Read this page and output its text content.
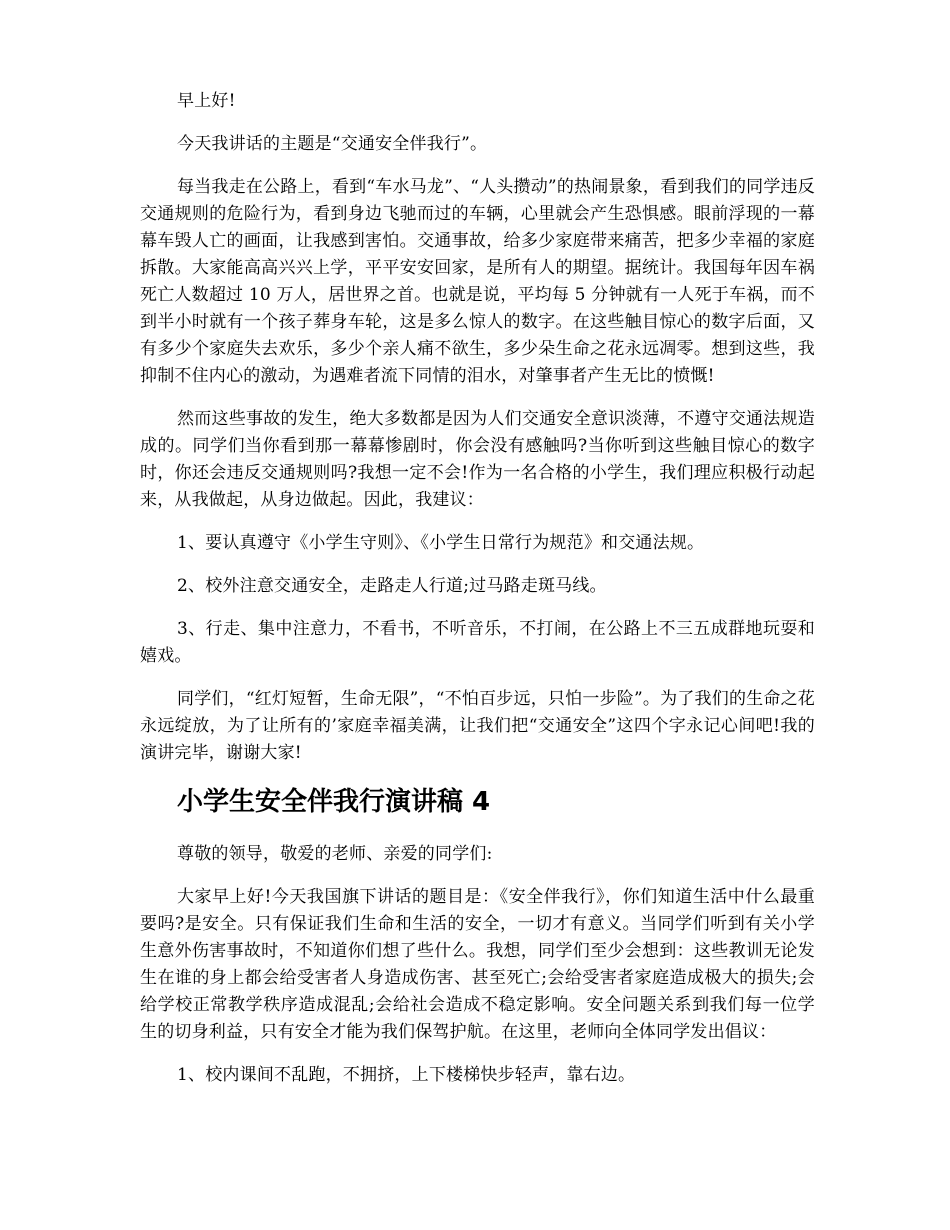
早上好!

今天我讲话的主题是“交通安全伴我行”。

每当我走在公路上，看到“车水马龙”、“人头攒动”的热闹景象，看到我们的同学违反交通规则的危险行为，看到身边飞驰而过的车辆，心里就会产生恐惧感。眼前浮现的一幕幕车毁人亡的画面，让我感到害怕。交通事故，给多少家庭带来痛苦，把多少幸福的家庭拆散。大家能高高兴兴上学，平平安安回家，是所有人的期望。据统计。我国每年因车祸死亡人数超过 10 万人，居世界之首。也就是说，平均每 5 分钟就有一人死于车祸，而不到半小时就有一个孩子葬身车轮，这是多么惊人的数字。在这些触目惊心的数字后面，又有多少个家庭失去欢乐，多少个亲人痛不欲生，多少朵生命之花永远凋零。想到这些，我抑制不住内心的激动，为遇难者流下同情的泪水，对肇事者产生无比的愤慨!

然而这些事故的发生，绝大多数都是因为人们交通安全意识淡薄，不遵守交通法规造成的。同学们当你看到那一幕幕惨剧时，你会没有感触吗?当你听到这些触目惊心的数字时，你还会违反交通规则吗?我想一定不会!作为一名合格的小学生，我们理应积极行动起来，从我做起，从身边做起。因此，我建议：

1、要认真遵守《小学生守则》、《小学生日常行为规范》和交通法规。

2、校外注意交通安全，走路走人行道;过马路走斑马线。

3、行走、集中注意力，不看书，不听音乐，不打闹，在公路上不三五成群地玩耍和嬉戏。

同学们，“红灯短暂，生命无限”，“不怕百步远，只怕一步险”。为了我们的生命之花永远绽放，为了让所有的’家庭幸福美满，让我们把“交通安全”这四个字永记心间吧!我的演讲完毕，谢谢大家!

小学生安全伴我行演讲稿 4

尊敬的领导，敬爱的老师、亲爱的同学们:

大家早上好!今天我国旗下讲话的题目是：《安全伴我行》，你们知道生活中什么最重要吗?是安全。只有保证我们生命和生活的安全，一切才有意义。当同学们听到有关小学生意外伤害事故时，不知道你们想了些什么。我想，同学们至少会想到：这些教训无论发生在谁的身上都会给受害者人身造成伤害、甚至死亡;会给受害者家庭造成极大的损失;会给学校正常教学秩序造成混乱;会给社会造成不稳定影响。安全问题关系到我们每一位学生的切身利益，只有安全才能为我们保驾护航。在这里，老师向全体同学发出倡议：

1、校内课间不乱跑，不拥挤，上下楼梯快步轻声，靠右边。
